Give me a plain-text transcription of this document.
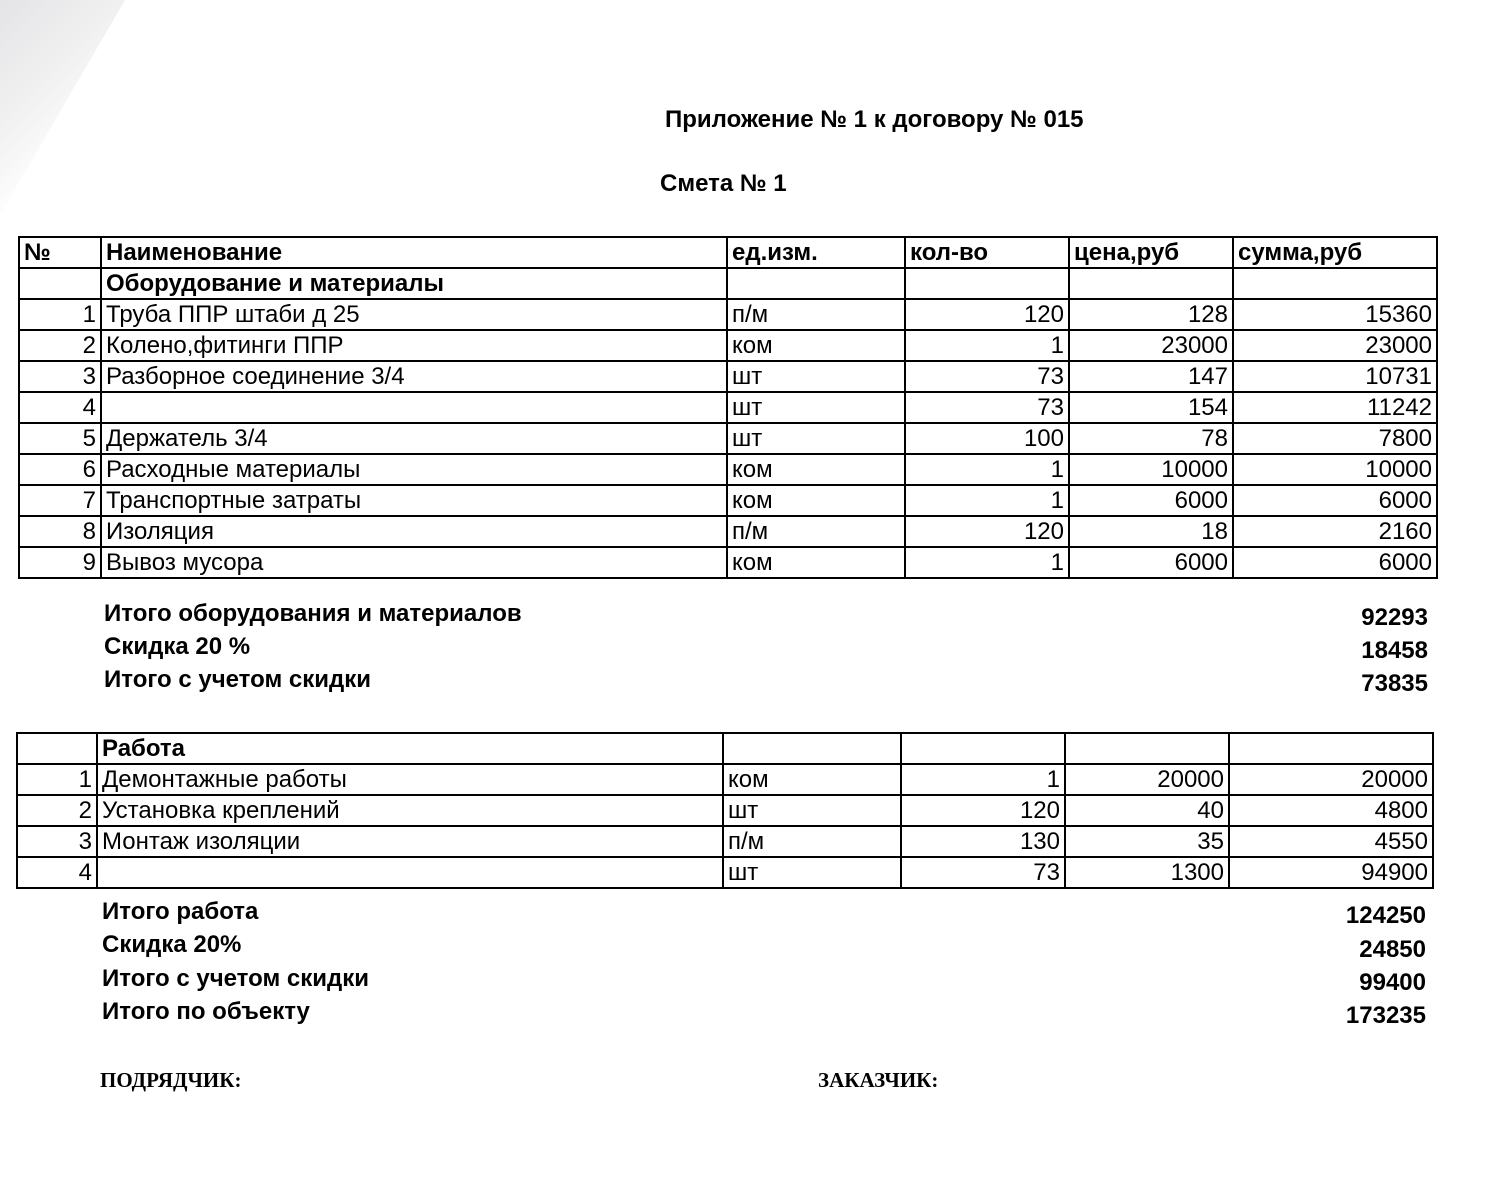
Приложение № 1 к договору № 015
Смета № 1
№	Наименование	ед.изм.	кол-во	цена,руб	сумма,руб
	Оборудование и материалы				
1	Труба ППР штаби д 25	п/м	120	128	15360
2	Колено,фитинги ППР	ком	1	23000	23000
3	Разборное соединение 3/4	шт	73	147	10731
4		шт	73	154	11242
5	Держатель 3/4	шт	100	78	7800
6	Расходные материалы	ком	1	10000	10000
7	Транспортные затраты	ком	1	6000	6000
8	Изоляция	п/м	120	18	2160
9	Вывоз мусора	ком	1	6000	6000
Итого оборудования и материалов	92293
Скидка 20 %	18458
Итого с учетом скидки	73835
	Работа				
1	Демонтажные работы	ком	1	20000	20000
2	Установка креплений	шт	120	40	4800
3	Монтаж изоляции	п/м	130	35	4550
4		шт	73	1300	94900
Итого работа	124250
Скидка 20%	24850
Итого с учетом скидки	99400
Итого по объекту	173235
ПОДРЯДЧИК:	ЗАКАЗЧИК:
